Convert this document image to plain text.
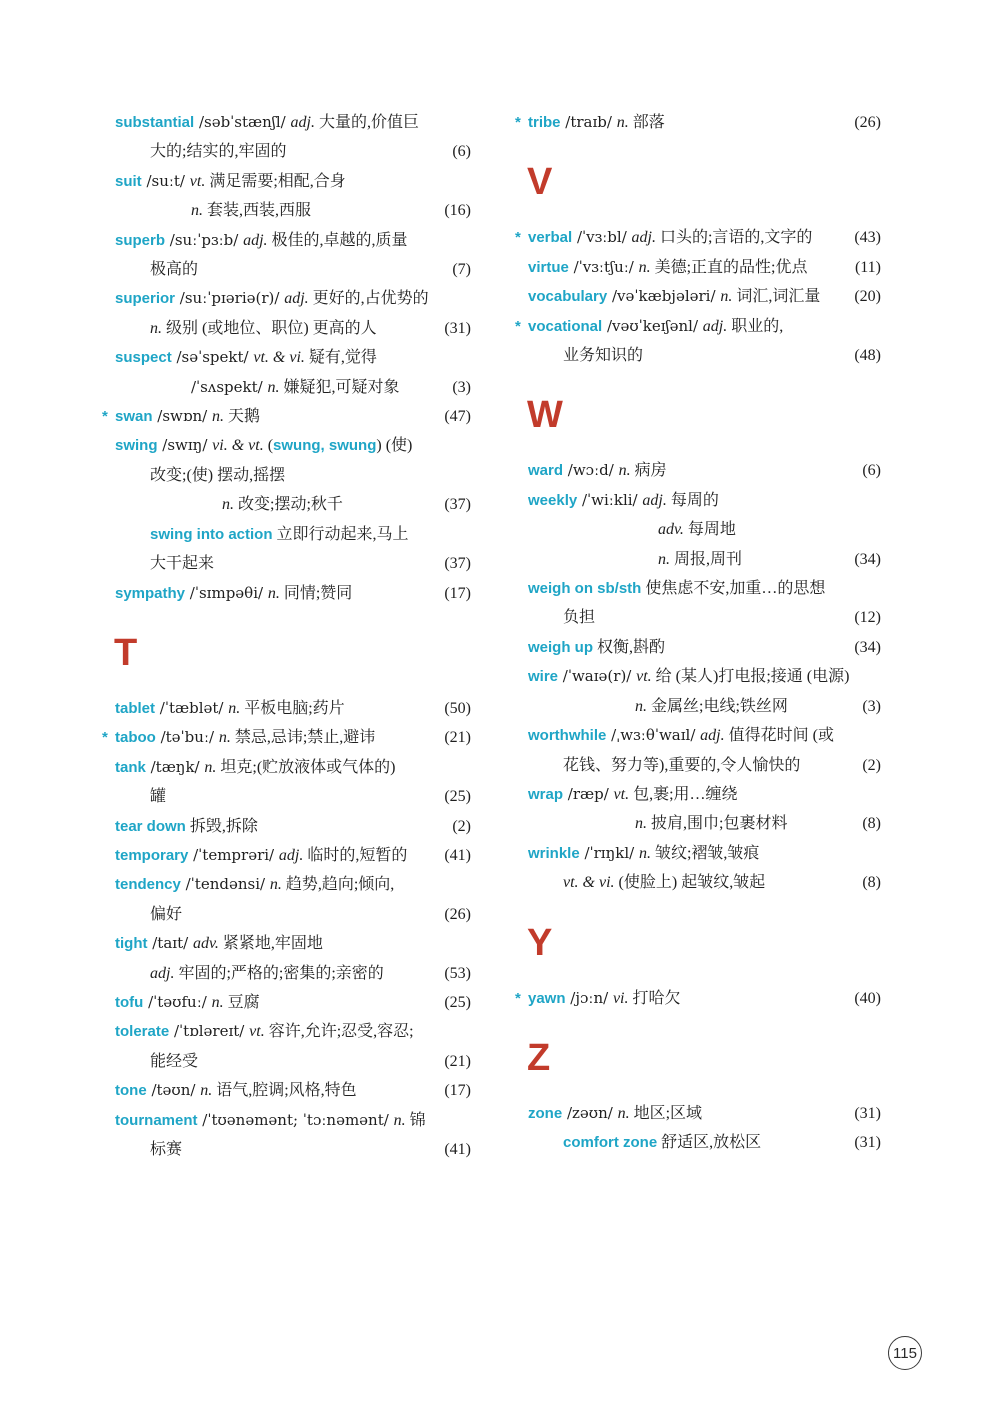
substantial /səbˈstænʃl/ adj. 大量的,价值巨
大的;结实的,牢固的	(6)
suit /suːt/ vt. 满足需要;相配,合身
n. 套装,西装,西服	(16)
superb /suːˈpɜːb/ adj. 极佳的,卓越的,质量
极高的	(7)
superior /suːˈpɪəriə(r)/ adj. 更好的,占优势的
n. 级别 (或地位、职位) 更高的人	(31)
suspect /səˈspekt/ vt. & vi. 疑有,觉得
/ˈsʌspekt/ n. 嫌疑犯,可疑对象	(3)
* swan /swɒn/ n. 天鹅	(47)
swing /swɪŋ/ vi. & vt. (swung, swung) (使)
改变;(使) 摆动,摇摆
n. 改变;摆动;秋千	(37)
swing into action 立即行动起来,马上
大干起来	(37)
sympathy /ˈsɪmpəθi/ n. 同情;赞同	(17)
T
tablet /ˈtæblət/ n. 平板电脑;药片	(50)
* taboo /təˈbuː/ n. 禁忌,忌讳;禁止,避讳	(21)
tank /tæŋk/ n. 坦克;(贮放液体或气体的)
罐	(25)
tear down 拆毁,拆除	(2)
temporary /ˈtemprəri/ adj. 临时的,短暂的	(41)
tendency /ˈtendənsi/ n. 趋势,趋向;倾向,
偏好	(26)
tight /taɪt/ adv. 紧紧地,牢固地
adj. 牢固的;严格的;密集的;亲密的	(53)
tofu /ˈtəʊfuː/ n. 豆腐	(25)
tolerate /ˈtɒləreɪt/ vt. 容许,允许;忍受,容忍;
能经受	(21)
tone /təʊn/ n. 语气,腔调;风格,特色	(17)
tournament /ˈtʊənəmənt; ˈtɔːnəmənt/ n. 锦
标赛	(41)
* tribe /traɪb/ n. 部落	(26)
V
* verbal /ˈvɜːbl/ adj. 口头的;言语的,文字的	(43)
virtue /ˈvɜːtʃuː/ n. 美德;正直的品性;优点	(11)
vocabulary /vəˈkæbjələri/ n. 词汇,词汇量	(20)
* vocational /vəʊˈkeɪʃənl/ adj. 职业的,
业务知识的	(48)
W
ward /wɔːd/ n. 病房	(6)
weekly /ˈwiːkli/ adj. 每周的
adv. 每周地
n. 周报,周刊	(34)
weigh on sb/sth 使焦虑不安,加重…的思想
负担	(12)
weigh up 权衡,斟酌	(34)
wire /ˈwaɪə(r)/ vt. 给 (某人)打电报;接通 (电源)
n. 金属丝;电线;铁丝网	(3)
worthwhile /ˌwɜːθˈwaɪl/ adj. 值得花时间 (或
花钱、努力等),重要的,令人愉快的	(2)
wrap /ræp/ vt. 包,裹;用…缠绕
n. 披肩,围巾;包裹材料	(8)
wrinkle /ˈrɪŋkl/ n. 皱纹;褶皱,皱痕
vt. & vi. (使脸上) 起皱纹,皱起	(8)
Y
* yawn /jɔːn/ vi. 打哈欠	(40)
Z
zone /zəʊn/ n. 地区;区域	(31)
comfort zone 舒适区,放松区	(31)
115
